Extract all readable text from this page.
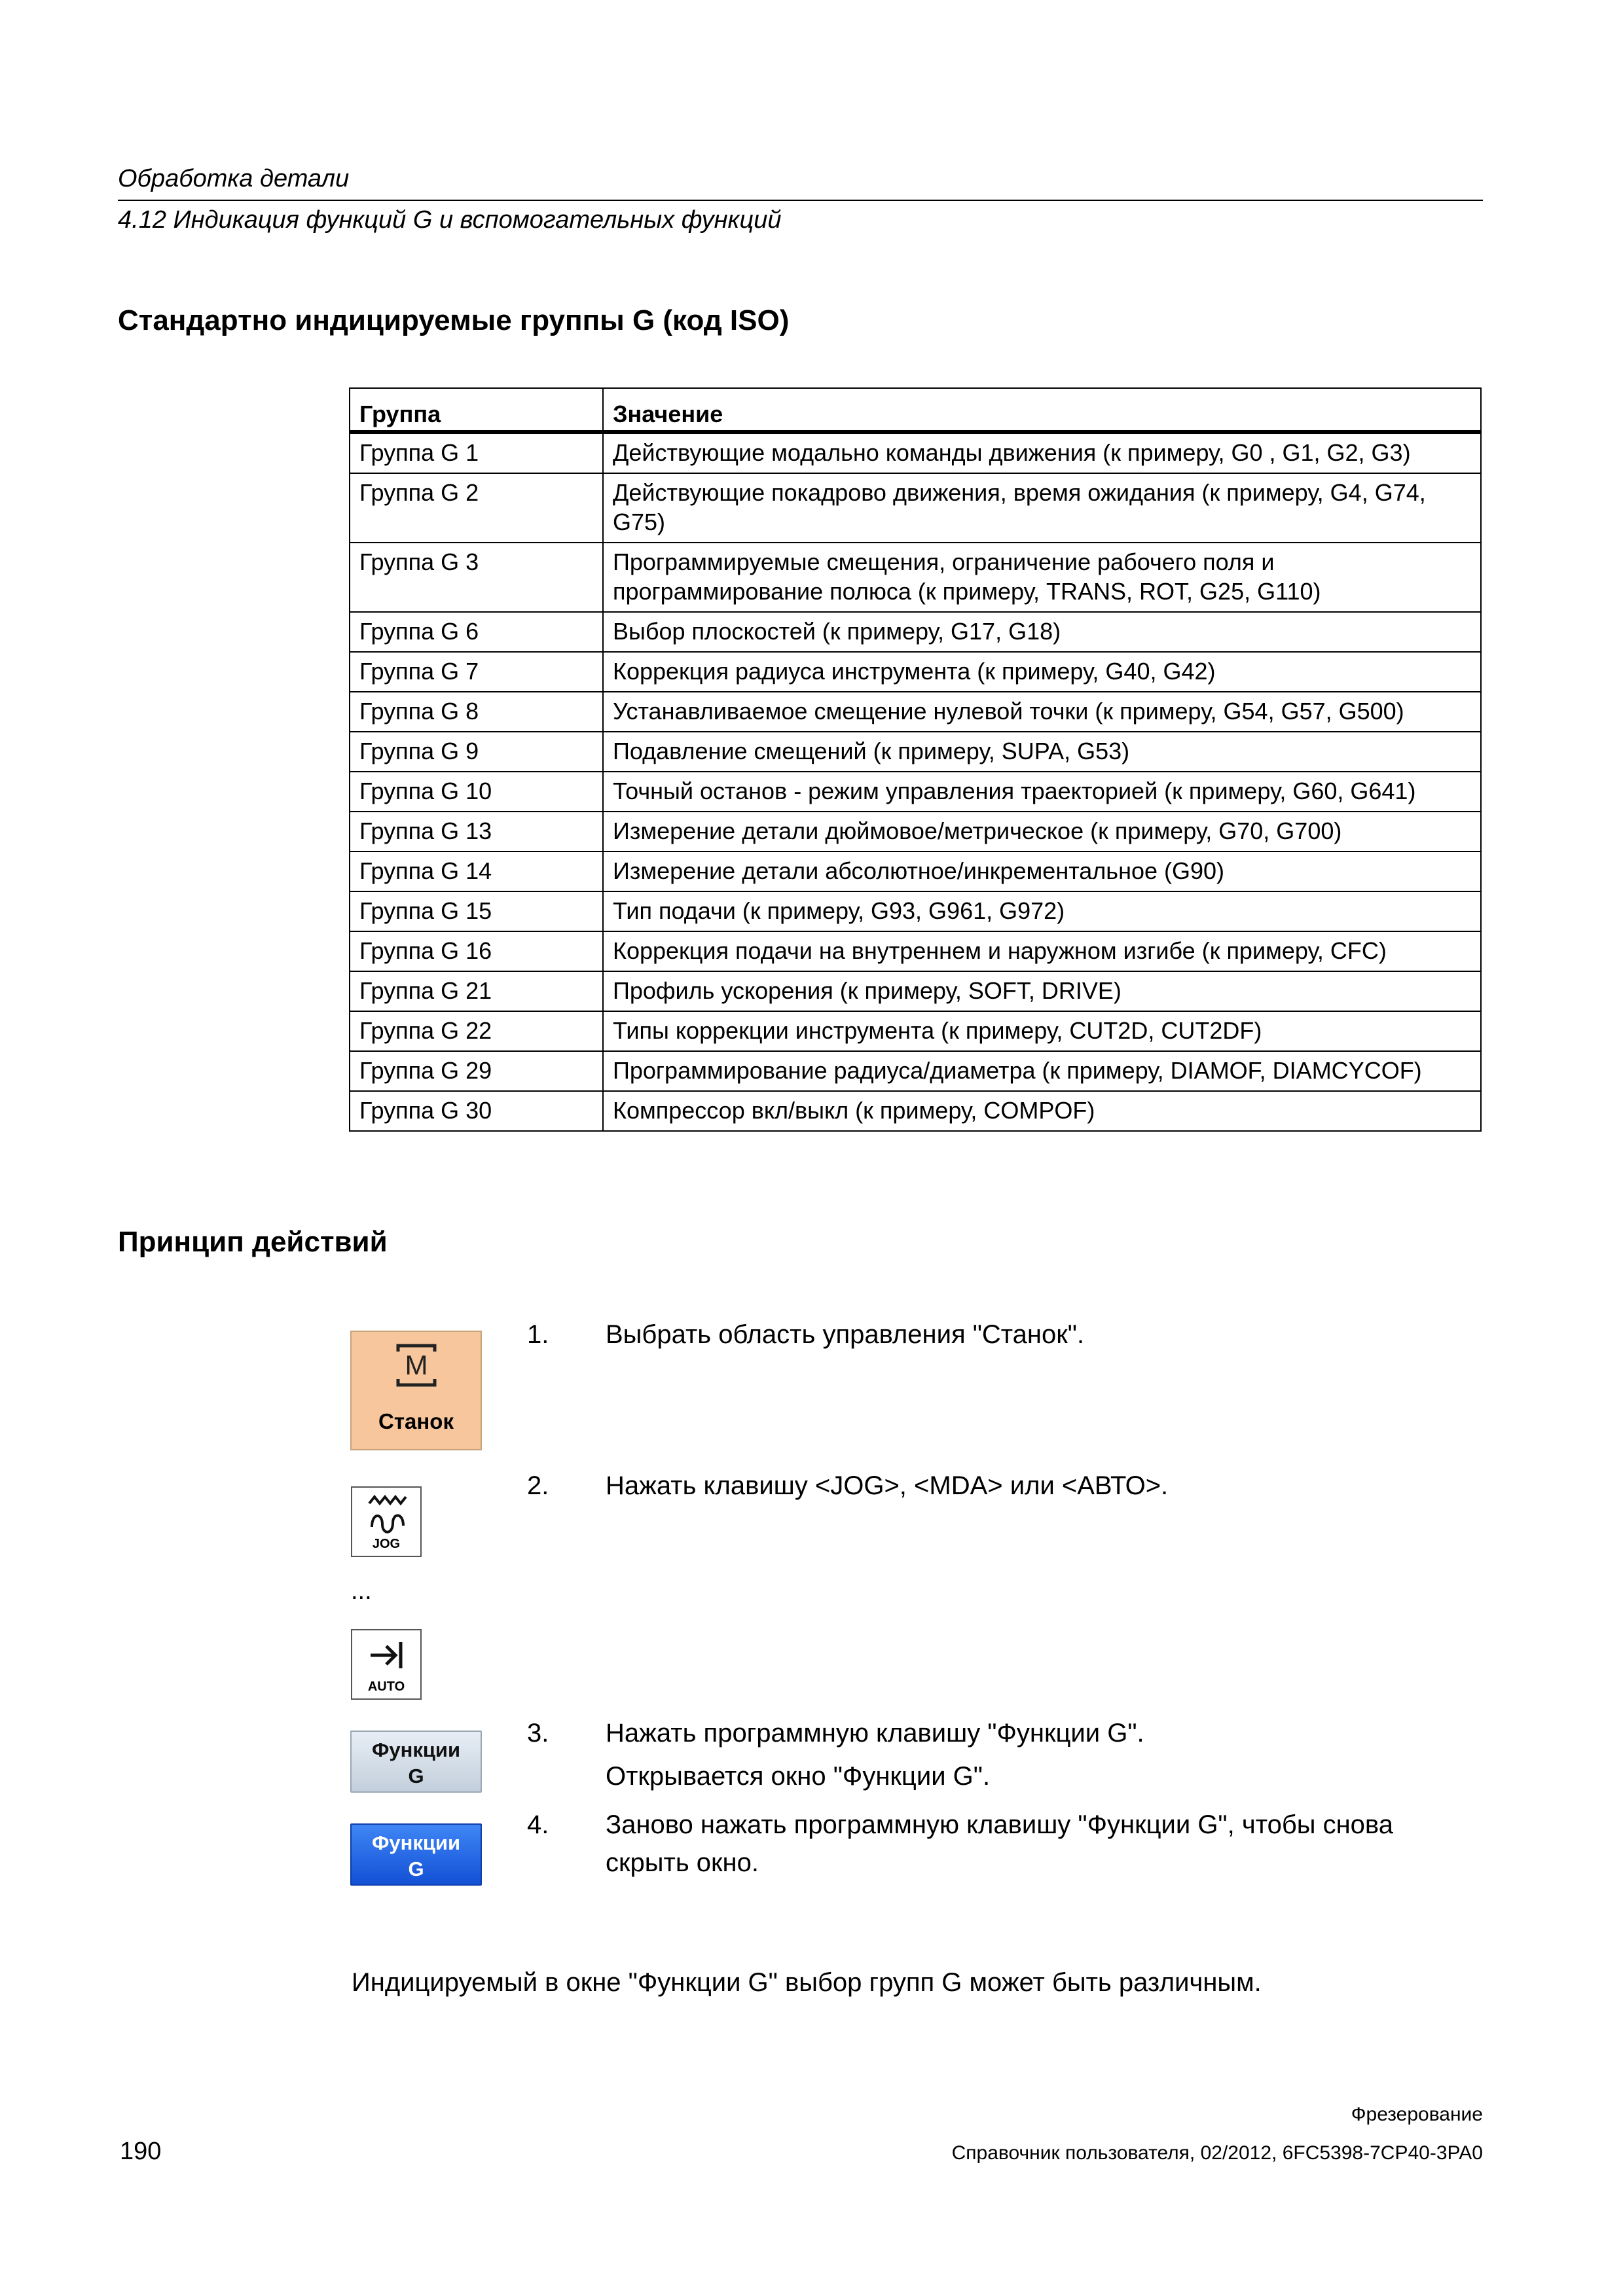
Обработка детали
4.12 Индикация функций G и вспомогательных функций
Стандартно индицируемые группы G (код ISO)
Группа	Значение
Группа G 1	Действующие модально команды движения (к примеру, G0 , G1, G2, G3)
Группа G 2	Действующие покадрово движения, время ожидания (к примеру, G4, G74, G75)
Группа G 3	Программируемые смещения, ограничение рабочего поля и программирование полюса (к примеру, TRANS, ROT, G25, G110)
Группа G 6	Выбор плоскостей (к примеру, G17, G18)
Группа G 7	Коррекция радиуса инструмента (к примеру, G40, G42)
Группа G 8	Устанавливаемое смещение нулевой точки (к примеру, G54, G57, G500)
Группа G 9	Подавление смещений (к примеру, SUPA, G53)
Группа G 10	Точный останов - режим управления траекторией (к примеру, G60, G641)
Группа G 13	Измерение детали дюймовое/метрическое (к примеру, G70, G700)
Группа G 14	Измерение детали абсолютное/инкрементальное (G90)
Группа G 15	Тип подачи (к примеру, G93, G961, G972)
Группа G 16	Коррекция подачи на внутреннем и наружном изгибе (к примеру, CFC)
Группа G 21	Профиль ускорения (к примеру, SOFT, DRIVE)
Группа G 22	Типы коррекции инструмента (к примеру, CUT2D, CUT2DF)
Группа G 29	Программирование радиуса/диаметра (к примеру, DIAMOF, DIAMCYCOF)
Группа G 30	Компрессор вкл/выкл (к примеру, COMPOF)
Принцип действий
M
Станок
JOG
...
AUTO
Функции
G
Функции
G
1. Выбрать область управления "Станок".
2. Нажать клавишу <JOG>, <MDA> или <АВТО>.
3. Нажать программную клавишу "Функции G".
Открывается окно "Функции G".
4. Заново нажать программную клавишу "Функции G", чтобы снова скрыть окно.
Индицируемый в окне "Функции G" выбор групп G может быть различным.
Фрезерование
Справочник пользователя, 02/2012, 6FC5398-7CP40-3PA0
190
